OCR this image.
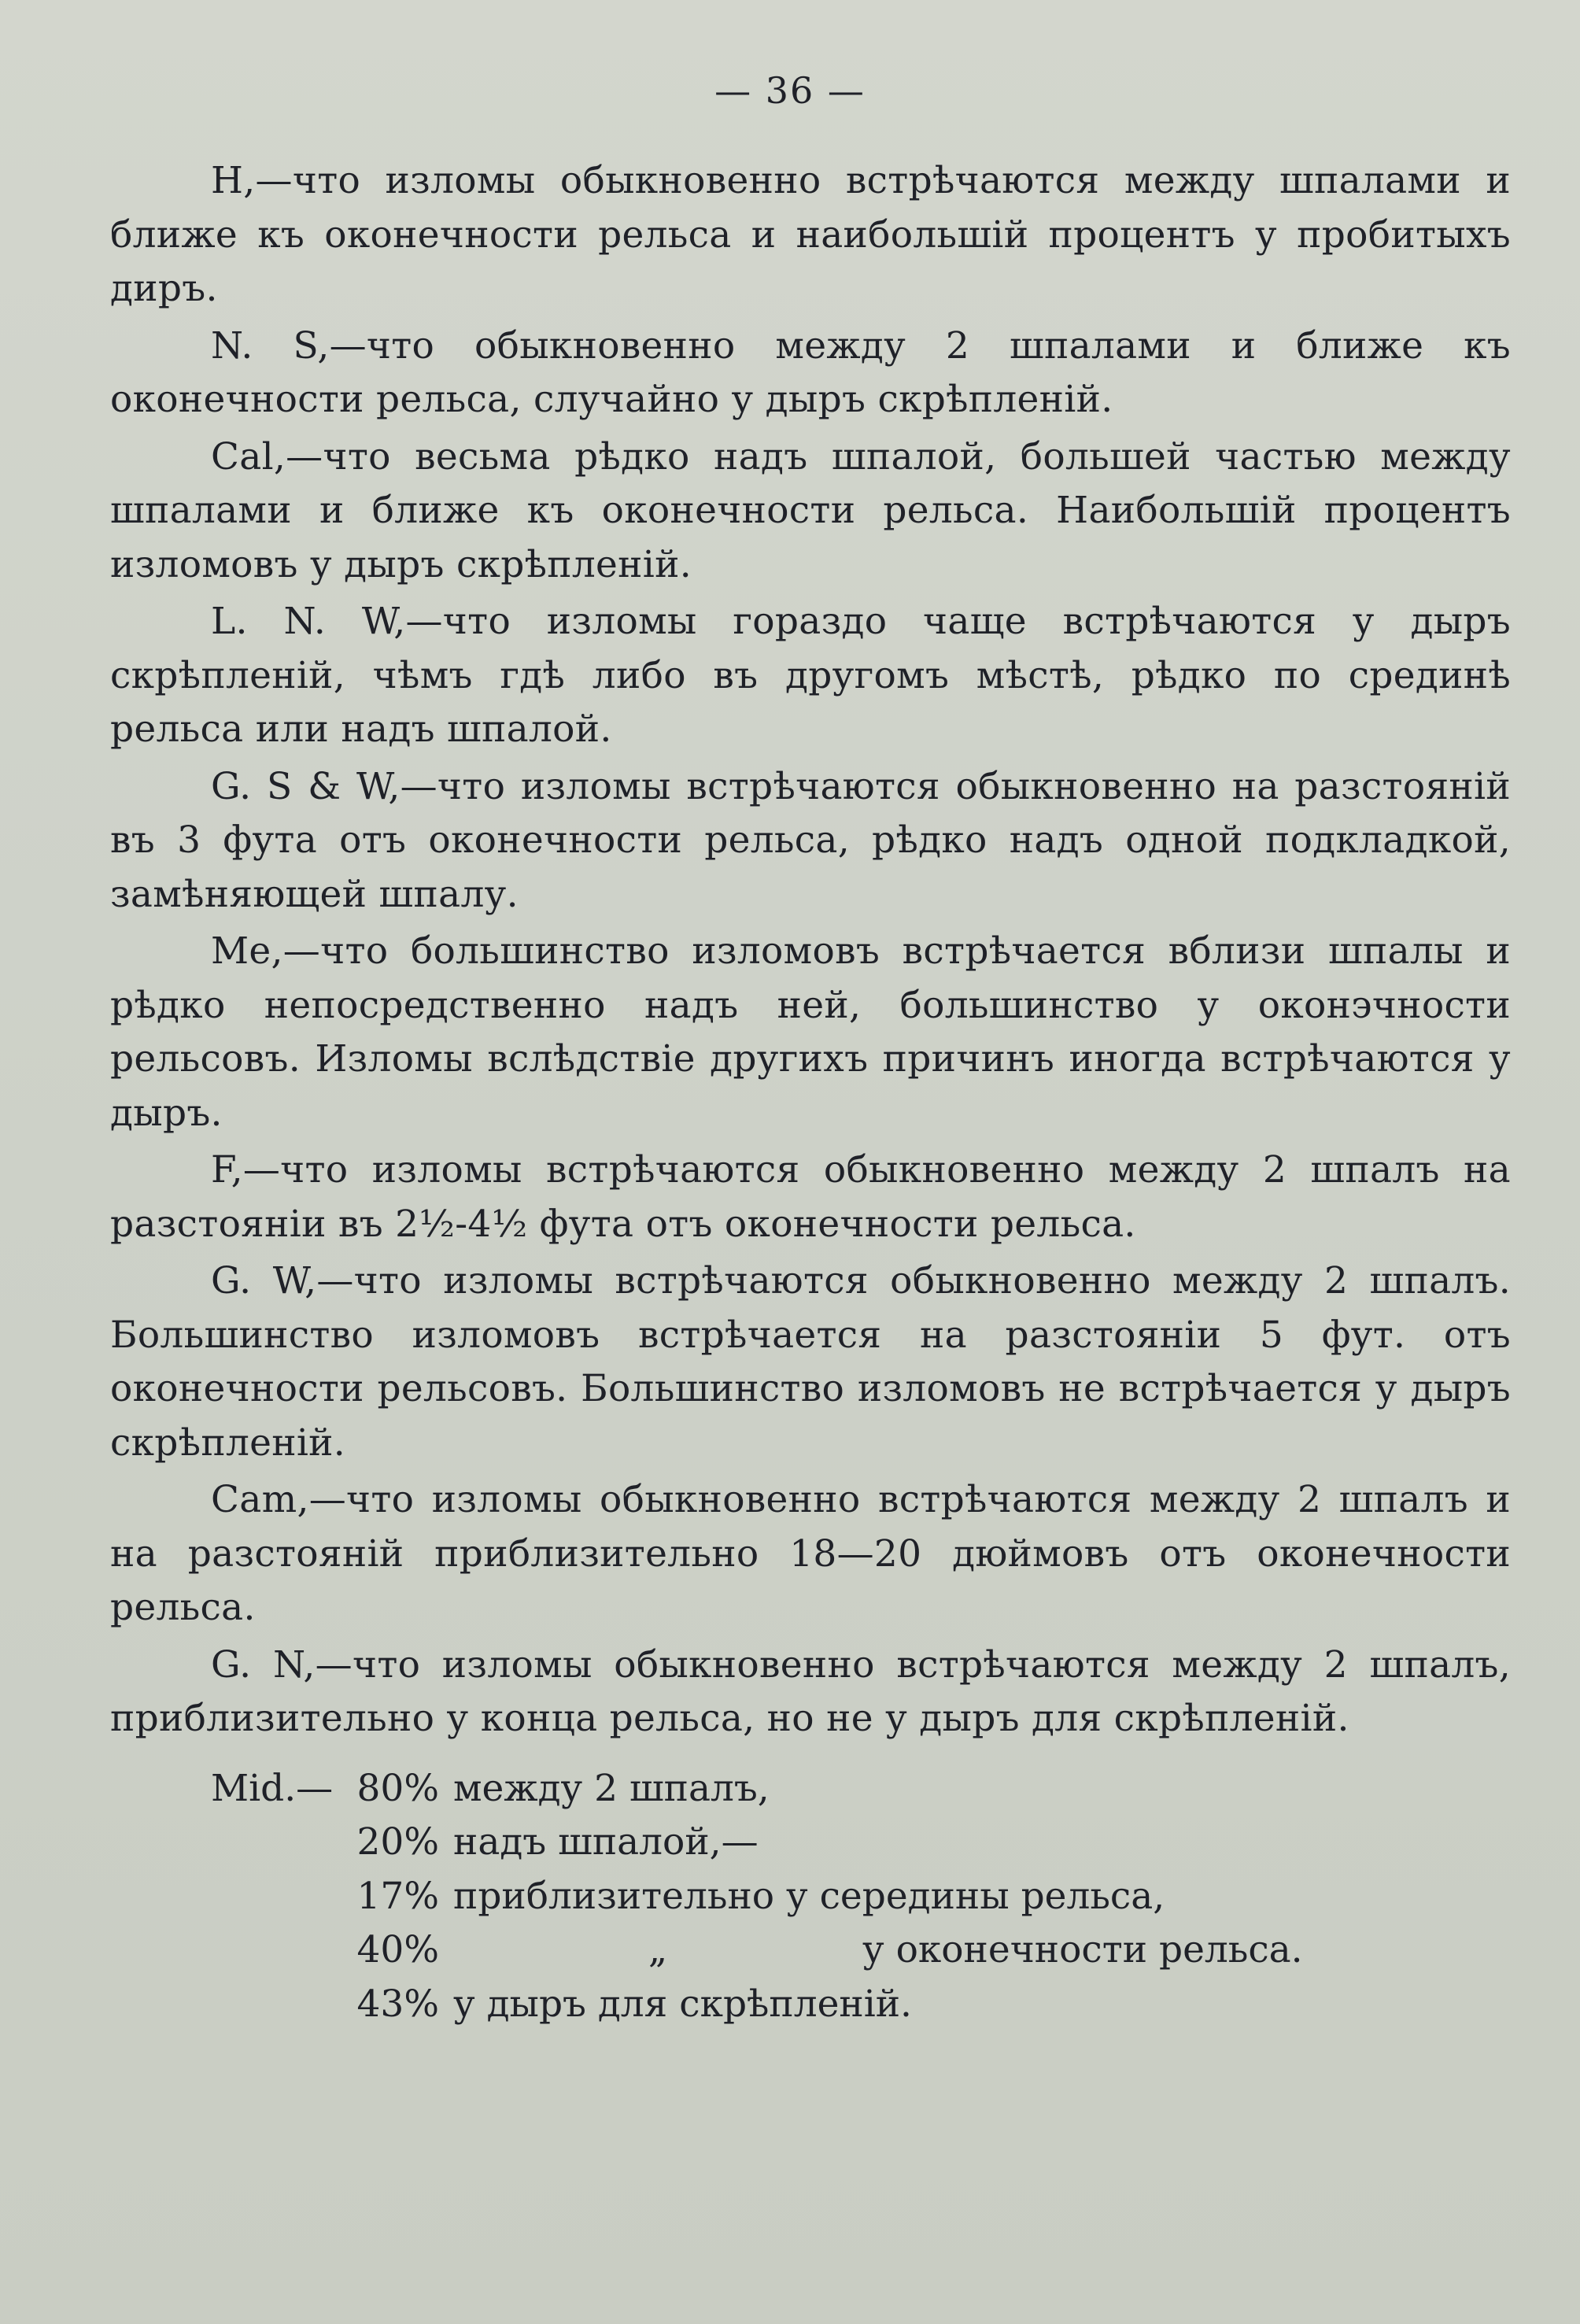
— 36 —

H,—что изломы обыкновенно встрѣчаются между шпалами и ближе къ оконечности рельса и наибольшій процентъ у пробитыхъ диръ.

N. S,—что обыкновенно между 2 шпалами и ближе къ оконечности рельса, случайно у дыръ скрѣпленій.

Cal,—что весьма рѣдко надъ шпалой, большей частью между шпалами и ближе къ оконечности рельса. Наибольшій процентъ изломовъ у дыръ скрѣпленій.

L. N. W,—что изломы гораздо чаще встрѣчаются у дыръ скрѣпленій, чѣмъ гдѣ либо въ другомъ мѣстѣ, рѣдко по срединѣ рельса или надъ шпалой.

G. S & W,—что изломы встрѣчаются обыкновенно на разстояній въ 3 фута отъ оконечности рельса, рѣдко надъ одной подкладкой, замѣняющей шпалу.

Me,—что большинство изломовъ встрѣчается вблизи шпалы и рѣдко непосредственно надъ ней, большинство у оконэчности рельсовъ. Изломы вслѣдствіе другихъ причинъ иногда встрѣчаются у дыръ.

F,—что изломы встрѣчаются обыкновенно между 2 шпалъ на разстояніи въ 2½-4½ фута отъ оконечности рельса.

G. W,—что изломы встрѣчаются обыкновенно между 2 шпалъ. Большинство изломовъ встрѣчается на разстояніи 5 фут. отъ оконечности рельсовъ. Большинство изломовъ не встрѣчается у дыръ скрѣпленій.

Cam,—что изломы обыкновенно встрѣчаются между 2 шпалъ и на разстояній приблизительно 18—20 дюймовъ отъ оконечности рельса.

G. N,—что изломы обыкновенно встрѣчаются между 2 шпалъ, приблизительно у конца рельса, но не у дыръ для скрѣпленій.

Mid.— 80% между 2 шпалъ,
20% надъ шпалой,—
17% приблизительно у середины рельса,
40%	„	у оконечности рельса.
43% у дыръ для скрѣпленій.
